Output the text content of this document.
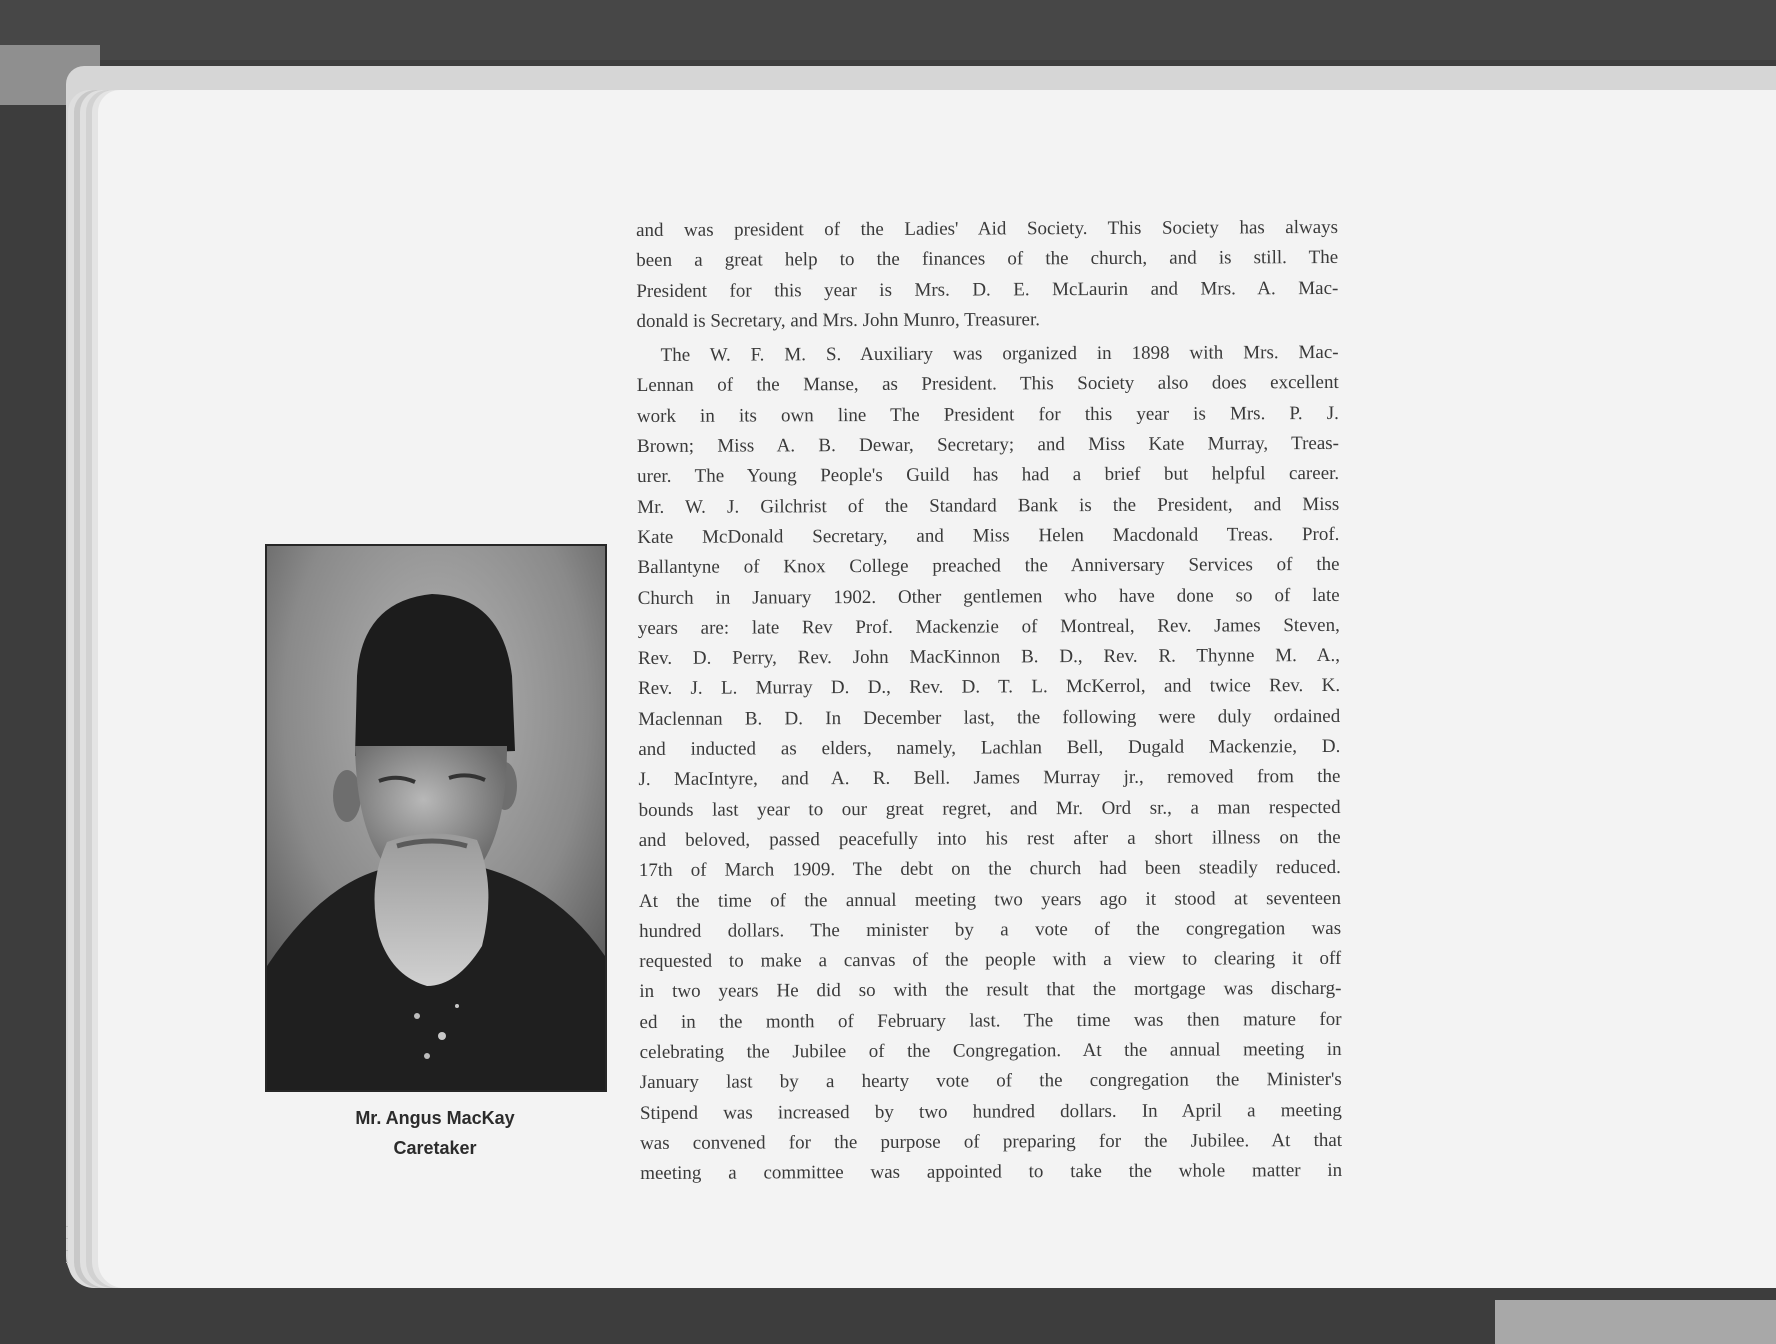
Mr. Angus MacKay
Caretaker
and was president of the Ladies' Aid Society. This Society has always
been a great help to the finances of the church, and is still. The
President for this year is Mrs. D. E. McLaurin and Mrs. A. Mac-
donald is Secretary, and Mrs. John Munro, Treasurer.
The W. F. M. S. Auxiliary was organized in 1898 with Mrs. Mac-
Lennan of the Manse, as President. This Society also does excellent
work in its own line The President for this year is Mrs. P. J.
Brown; Miss A. B. Dewar, Secretary; and Miss Kate Murray, Treas-
urer. The Young People's Guild has had a brief but helpful career.
Mr. W. J. Gilchrist of the Standard Bank is the President, and Miss
Kate McDonald Secretary, and Miss Helen Macdonald Treas. Prof.
Ballantyne of Knox College preached the Anniversary Services of the
Church in January 1902. Other gentlemen who have done so of late
years are: late Rev Prof. Mackenzie of Montreal, Rev. James Steven,
Rev. D. Perry, Rev. John MacKinnon B. D., Rev. R. Thynne M. A.,
Rev. J. L. Murray D. D., Rev. D. T. L. McKerrol, and twice Rev. K.
Maclennan B. D. In December last, the following were duly ordained
and inducted as elders, namely, Lachlan Bell, Dugald Mackenzie, D.
J. MacIntyre, and A. R. Bell. James Murray jr., removed from the
bounds last year to our great regret, and Mr. Ord sr., a man respected
and beloved, passed peacefully into his rest after a short illness on the
17th of March 1909. The debt on the church had been steadily reduced.
At the time of the annual meeting two years ago it stood at seventeen
hundred dollars. The minister by a vote of the congregation was
requested to make a canvas of the people with a view to clearing it off
in two years He did so with the result that the mortgage was discharg-
ed in the month of February last. The time was then mature for
celebrating the Jubilee of the Congregation. At the annual meeting in
January last by a hearty vote of the congregation the Minister's
Stipend was increased by two hundred dollars. In April a meeting
was convened for the purpose of preparing for the Jubilee. At that
meeting a committee was appointed to take the whole matter in
